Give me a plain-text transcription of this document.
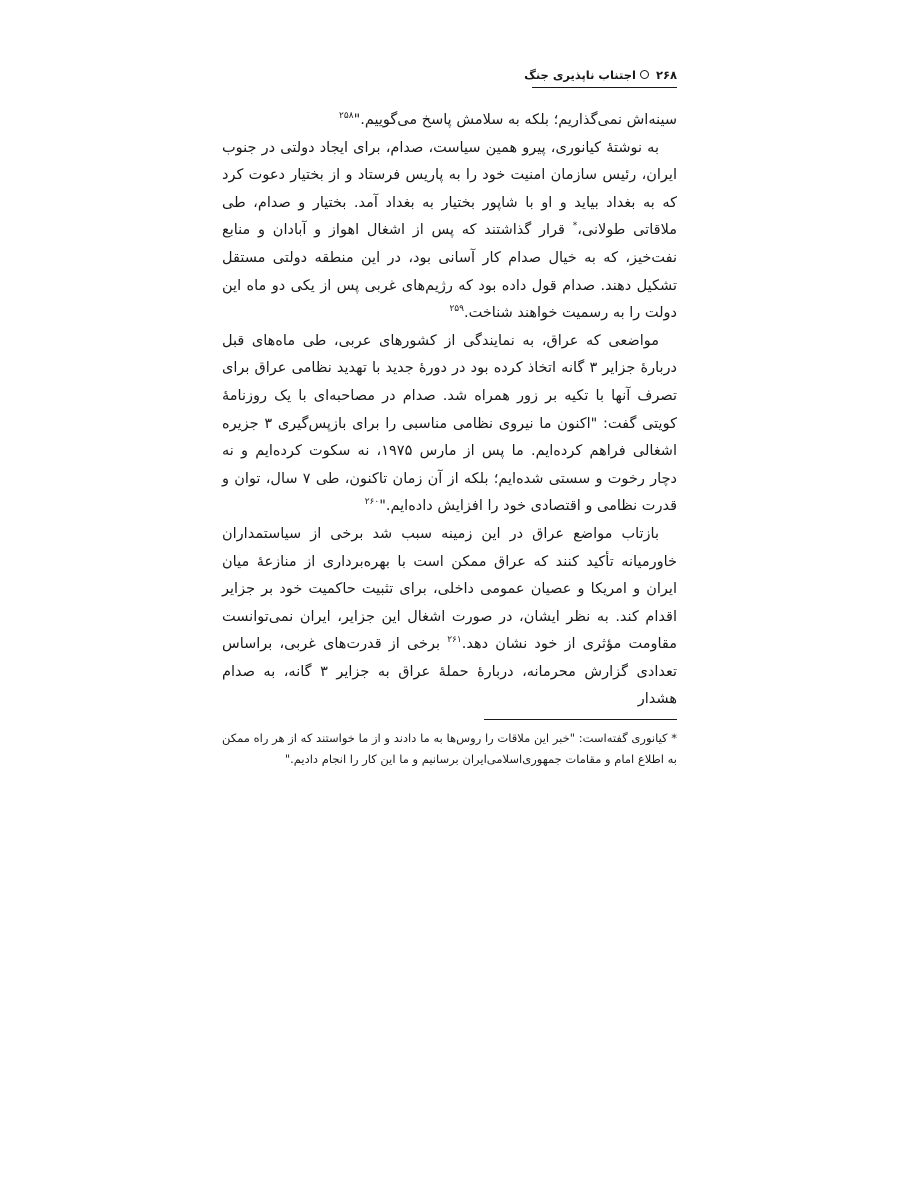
۲۶۸اجتناب ناپذیری جنگ

سینه‌اش نمی‌گذاریم؛ بلکه به سلامش پاسخ می‌گوییم."$^{۲۵۸}$

به نوشتهٔ کیانوری، پیرو همین سیاست، صدام، برای ایجاد دولتی در جنوب ایران، رئیس سازمان امنیت خود را به پاریس فرستاد و از بختیار دعوت کرد که به بغداد بیاید و او با شاپور بختیار به بغداد آمد. بختیار و صدام، طی ملاقاتی طولانی،* قرار گذاشتند که پس از اشغال اهواز و آبادان و منابع نفت‌خیز، که به خیال صدام کار آسانی بود، در این منطقه دولتی مستقل تشکیل دهند. صدام قول داده بود که رژیم‌های غربی پس از یکی دو ماه این دولت را به رسمیت خواهند شناخت.$^{۲۵۹}$

مواضعی که عراق، به نمایندگی از کشورهای عربی، طی ماه‌های قبل دربارهٔ جزایر ۳ گانه اتخاذ کرده بود در دورهٔ جدید با تهدید نظامی عراق برای تصرف آنها با تکیه بر زور همراه شد. صدام در مصاحبه‌ای با یک روزنامهٔ کویتی گفت: "اکنون ما نیروی نظامی مناسبی را برای بازپس‌گیری ۳ جزیره اشغالی فراهم کرده‌ایم. ما پس از مارس ۱۹۷۵، نه سکوت کرده‌ایم و نه دچار رخوت و سستی شده‌ایم؛ بلکه از آن زمان تاکنون، طی ۷ سال، توان و قدرت نظامی و اقتصادی خود را افزایش داده‌ایم."$^{۲۶۰}$

بازتاب مواضع عراق در این زمینه سبب شد برخی از سیاستمداران خاورمیانه تأکید کنند که عراق ممکن است با بهره‌برداری از منازعهٔ میان ایران و امریکا و عصیان عمومی داخلی، برای تثبیت حاکمیت خود بر جزایر اقدام کند. به نظر ایشان، در صورت اشغال این جزایر، ایران نمی‌توانست مقاومت مؤثری از خود نشان دهد.$^{۲۶۱}$ برخی از قدرت‌های غربی، براساس تعدادی گزارش محرمانه، دربارهٔ حملهٔ عراق به جزایر ۳ گانه، به صدام هشدار

* کیانوری گفته‌است: "خبر این ملاقات را روس‌ها به ما دادند و از ما خواستند که از هر راه ممکن به اطلاع امام و مقامات جمهوری‌اسلامی‌ایران برسانیم و ما این کار را انجام دادیم."
